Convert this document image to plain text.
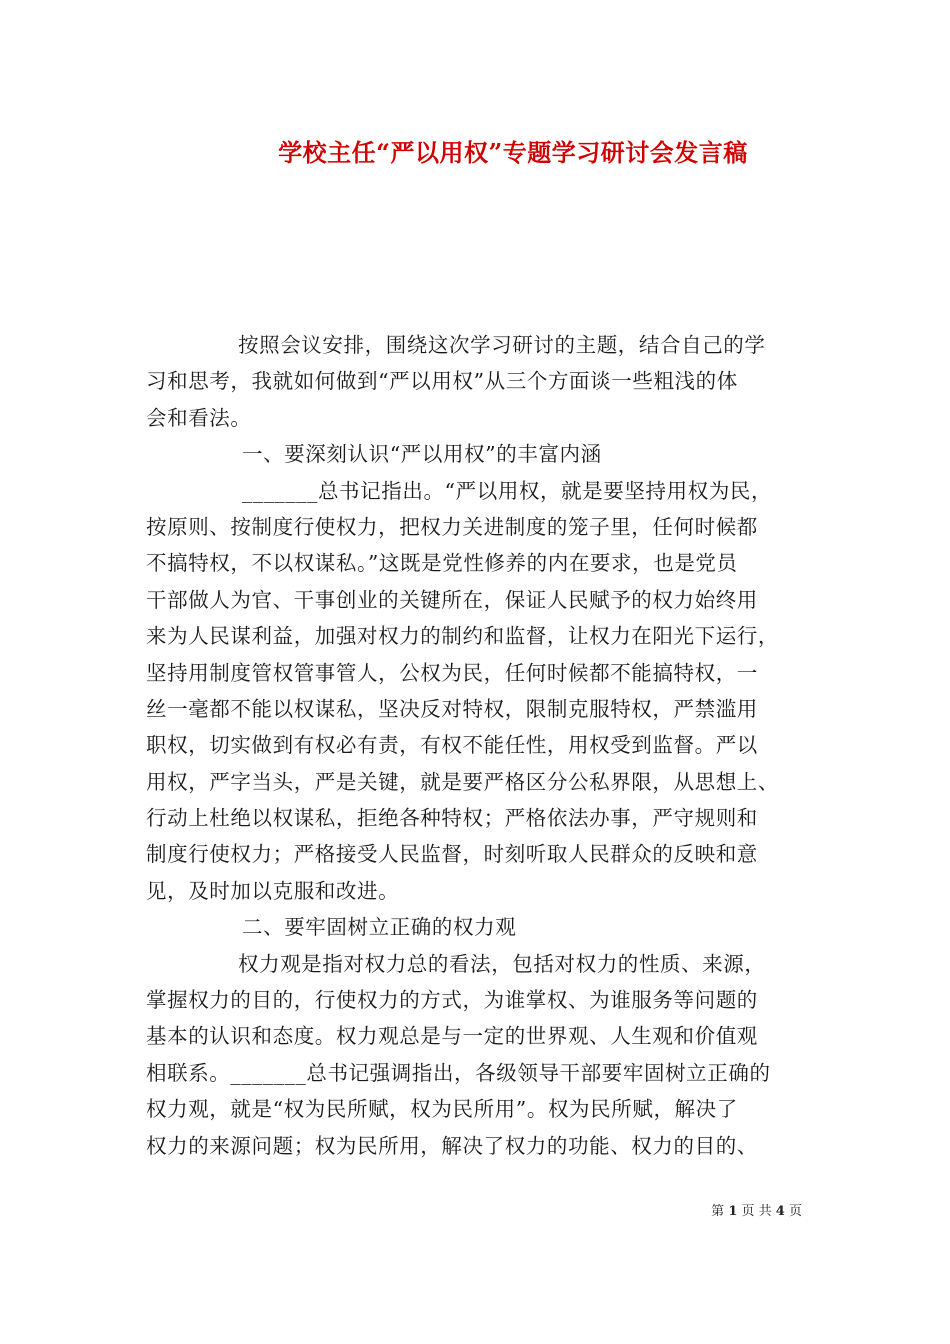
学校主任“严以用权”专题学习研讨会发言稿
按照会议安排，围绕这次学习研讨的主题，结合自己的学
习和思考，我就如何做到“严以用权”从三个方面谈一些粗浅的体
会和看法。
一、要深刻认识“严以用权”的丰富内涵
_______总书记指出。“严以用权，就是要坚持用权为民，
按原则、按制度行使权力，把权力关进制度的笼子里，任何时候都
不搞特权，不以权谋私。”这既是党性修养的内在要求，也是党员
干部做人为官、干事创业的关键所在，保证人民赋予的权力始终用
来为人民谋利益，加强对权力的制约和监督，让权力在阳光下运行，
坚持用制度管权管事管人，公权为民，任何时候都不能搞特权，一
丝一毫都不能以权谋私，坚决反对特权，限制克服特权，严禁滥用
职权，切实做到有权必有责，有权不能任性，用权受到监督。严以
用权，严字当头，严是关键，就是要严格区分公私界限，从思想上、
行动上杜绝以权谋私，拒绝各种特权；严格依法办事，严守规则和
制度行使权力；严格接受人民监督，时刻听取人民群众的反映和意
见，及时加以克服和改进。
二、要牢固树立正确的权力观
权力观是指对权力总的看法，包括对权力的性质、来源，
掌握权力的目的，行使权力的方式，为谁掌权、为谁服务等问题的
基本的认识和态度。权力观总是与一定的世界观、人生观和价值观
相联系。_______总书记强调指出，各级领导干部要牢固树立正确的
权力观，就是“权为民所赋，权为民所用”。权为民所赋，解决了
权力的来源问题；权为民所用，解决了权力的功能、权力的目的、
第 1 页 共 4 页
